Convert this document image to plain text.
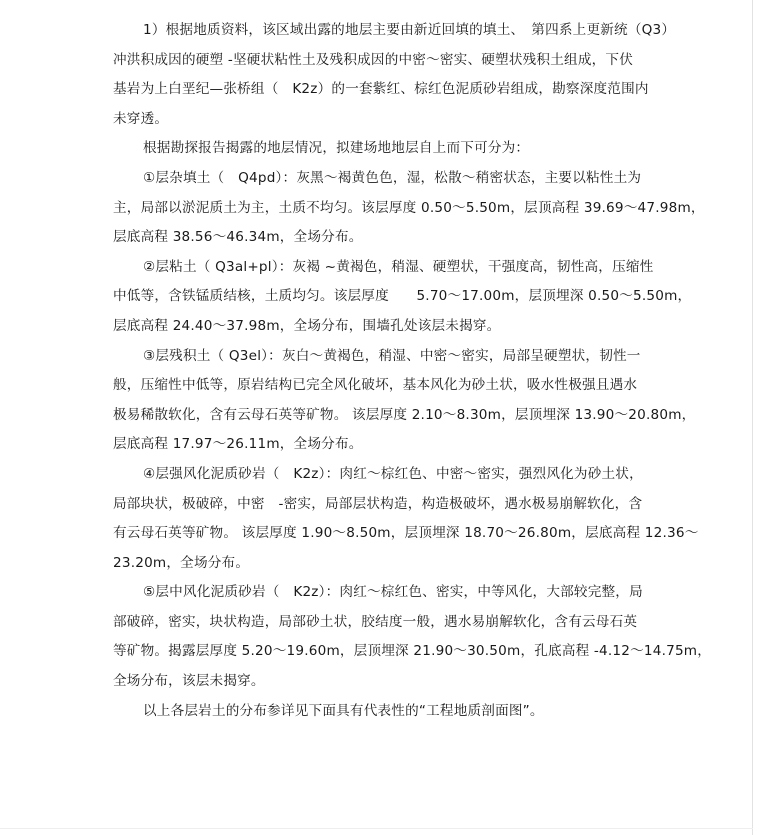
1）根据地质资料，该区域出露的地层主要由新近回填的填土、　第四系上更新统（Q3）
冲洪积成因的硬塑 -坚硬状粘性土及残积成因的中密～密实、硬塑状残积土组成，下伏
基岩为上白垩纪—张桥组（　K2z）的一套紫红、棕红色泥质砂岩组成，勘察深度范围内
未穿透。
根据勘探报告揭露的地层情况，拟建场地地层自上而下可分为：
①层杂填土（　Q4pd）：灰黑～褐黄色色，湿，松散～稍密状态，主要以粘性土为
主，局部以淤泥质土为主，土质不均匀。该层厚度 0.50～5.50m，层顶高程 39.69～47.98m，
层底高程 38.56～46.34m，全场分布。
②层粘土（ Q3al+pl）：灰褐 ~黄褐色，稍湿、硬塑状，干强度高，韧性高，压缩性
中低等，含铁锰质结核，土质均匀。该层厚度　　5.70～17.00m，层顶埋深 0.50～5.50m，
层底高程 24.40～37.98m，全场分布，围墙孔处该层未揭穿。
③层残积土（ Q3el）：灰白～黄褐色，稍湿、中密～密实，局部呈硬塑状，韧性一
般，压缩性中低等，原岩结构已完全风化破坏，基本风化为砂土状，吸水性极强且遇水
极易稀散软化，含有云母石英等矿物。 该层厚度 2.10～8.30m，层顶埋深 13.90～20.80m，
层底高程 17.97～26.11m，全场分布。
④层强风化泥质砂岩（　K2z）：肉红～棕红色、中密～密实，强烈风化为砂土状，
局部块状，极破碎，中密　-密实，局部层状构造，构造极破坏，遇水极易崩解软化，含
有云母石英等矿物。 该层厚度 1.90～8.50m，层顶埋深 18.70～26.80m，层底高程 12.36～
23.20m，全场分布。
⑤层中风化泥质砂岩（　K2z）：肉红～棕红色、密实，中等风化，大部较完整，局
部破碎，密实，块状构造，局部砂土状，胶结度一般，遇水易崩解软化，含有云母石英
等矿物。揭露层厚度 5.20～19.60m，层顶埋深 21.90～30.50m，孔底高程 -4.12～14.75m，
全场分布，该层未揭穿。
以上各层岩土的分布参详见下面具有代表性的“工程地质剖面图”。
